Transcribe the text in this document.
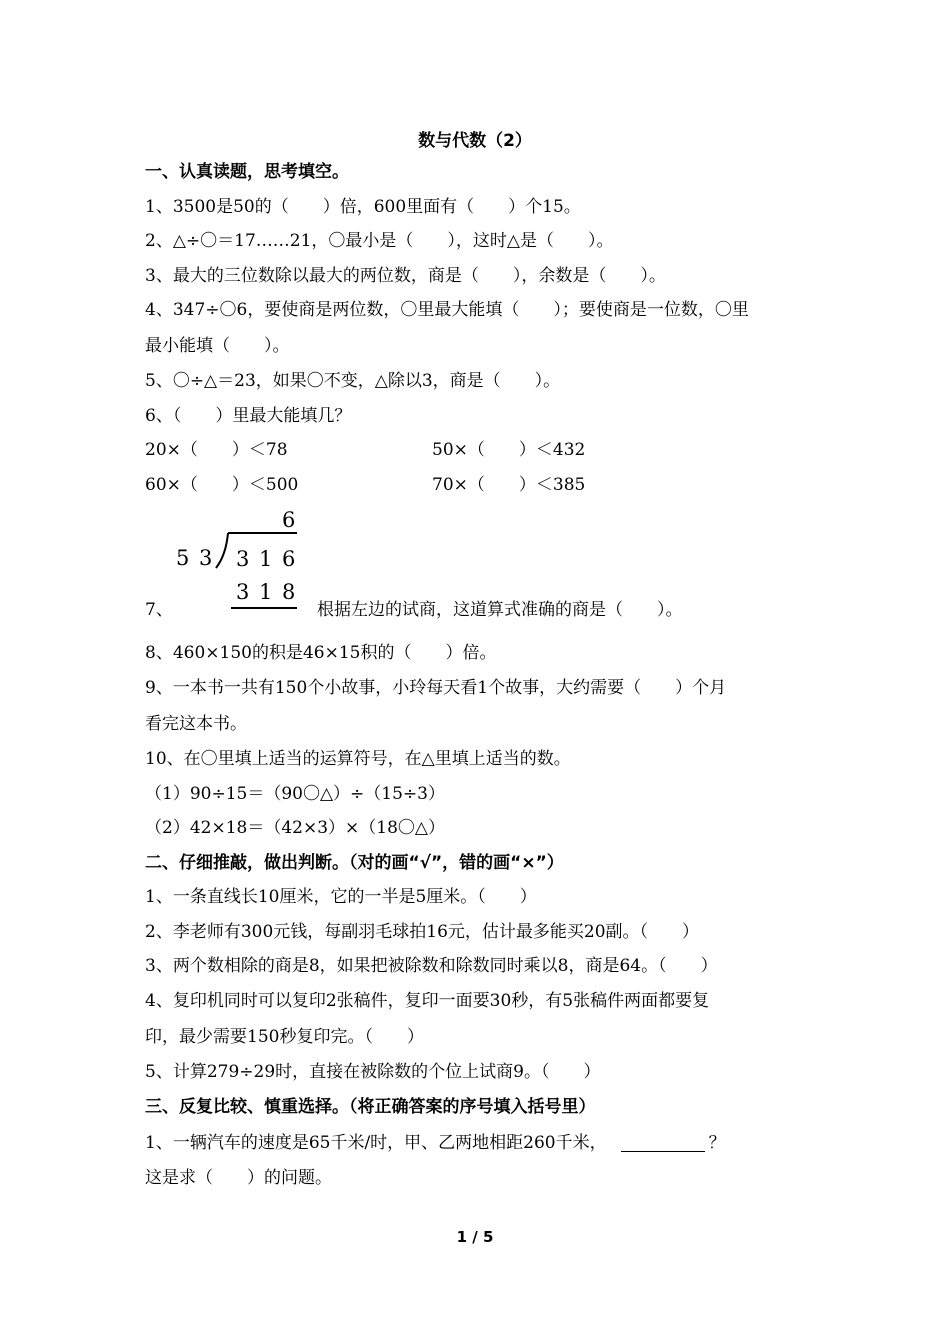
数与代数（2）
一、认真读题，思考填空。
1、3500是50的（　　）倍，600里面有（　　）个15。
2、△÷〇＝17……21，〇最小是（　　），这时△是（　　）。
3、最大的三位数除以最大的两位数，商是（　　），余数是（　　）。
4、347÷〇6，要使商是两位数，〇里最大能填（　　）；要使商是一位数，〇里
最小能填（　　）。
5、〇÷△＝23，如果〇不变，△除以3，商是（　　）。
6、（　　）里最大能填几？
20×（　　）＜78	50×（　　）＜432
60×（　　）＜500	70×（　　）＜385
6
5 3 3 1 6
3 1 8
7、	根据左边的试商，这道算式准确的商是（　　）。
8、460×150的积是46×15积的（　　）倍。
9、一本书一共有150个小故事，小玲每天看1个故事，大约需要（　　）个月
看完这本书。
10、在〇里填上适当的运算符号，在△里填上适当的数。
（1）90÷15＝（90〇△）÷（15÷3）
（2）42×18＝（42×3）×（18〇△）
二、仔细推敲，做出判断。（对的画“√”，错的画“×”）
1、一条直线长10厘米，它的一半是5厘米。（　　）
2、李老师有300元钱，每副羽毛球拍16元，估计最多能买20副。（　　）
3、两个数相除的商是8，如果把被除数和除数同时乘以8，商是64。（　　）
4、复印机同时可以复印2张稿件，复印一面要30秒，有5张稿件两面都要复
印，最少需要150秒复印完。（　　）
5、计算279÷29时，直接在被除数的个位上试商9。（　　）
三、反复比较、慎重选择。（将正确答案的序号填入括号里）
1、一辆汽车的速度是65千米/时，甲、乙两地相距260千米，	？
这是求（　　）的问题。
1 / 5
